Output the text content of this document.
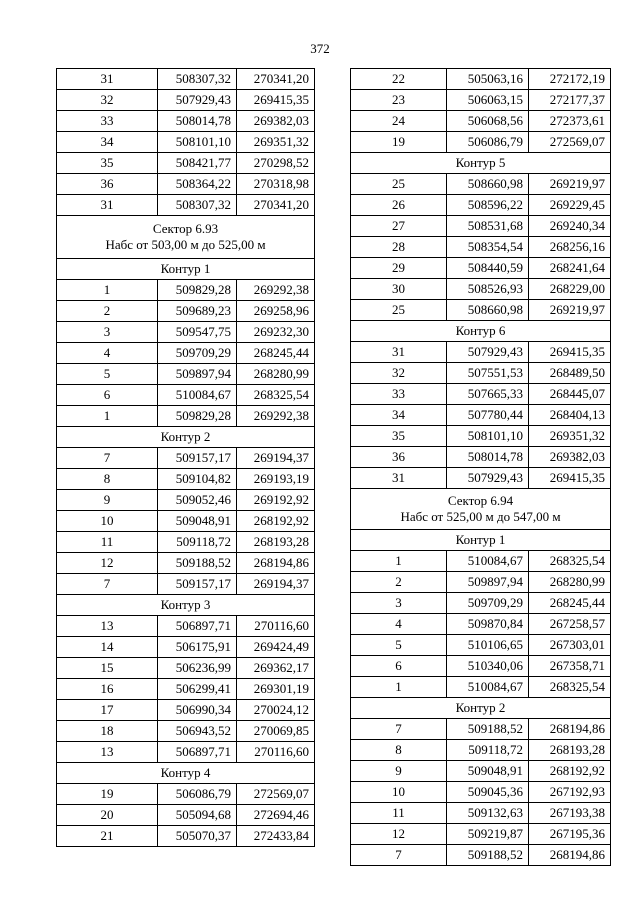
372
31	508307,32	270341,20
32	507929,43	269415,35
33	508014,78	269382,03
34	508101,10	269351,32
35	508421,77	270298,52
36	508364,22	270318,98
31	508307,32	270341,20

Сектор 6.93
Набс от 503,00 м до 525,00 м		

Контур 1		
1	509829,28	269292,38
2	509689,23	269258,96
3	509547,75	269232,30
4	509709,29	268245,44
5	509897,94	268280,99
6	510084,67	268325,54
1	509829,28	269292,38
Контур 2		
7	509157,17	269194,37
8	509104,82	269193,19
9	509052,46	269192,92
10	509048,91	268192,92
11	509118,72	268193,28
12	509188,52	268194,86
7	509157,17	269194,37
Контур 3		
13	506897,71	270116,60
14	506175,91	269424,49
15	506236,99	269362,17
16	506299,41	269301,19
17	506990,34	270024,12
18	506943,52	270069,85
13	506897,71	270116,60
Контур 4		
19	506086,79	272569,07
20	505094,68	272694,46
21	505070,37	272433,84
22	505063,16	272172,19
23	506063,15	272177,37
24	506068,56	272373,61
19	506086,79	272569,07
Контур 5		
25	508660,98	269219,97
26	508596,22	269229,45
27	508531,68	269240,34
28	508354,54	268256,16
29	508440,59	268241,64
30	508526,93	268229,00
25	508660,98	269219,97
Контур 6		
31	507929,43	269415,35
32	507551,53	268489,50
33	507665,33	268445,07
34	507780,44	268404,13
35	508101,10	269351,32
36	508014,78	269382,03
31	507929,43	269415,35

Сектор 6.94
Набс от 525,00 м до 547,00 м		

Контур 1		
1	510084,67	268325,54
2	509897,94	268280,99
3	509709,29	268245,44
4	509870,84	267258,57
5	510106,65	267303,01
6	510340,06	267358,71
1	510084,67	268325,54
Контур 2		
7	509188,52	268194,86
8	509118,72	268193,28
9	509048,91	268192,92
10	509045,36	267192,93
11	509132,63	267193,38
12	509219,87	267195,36
7	509188,52	268194,86
